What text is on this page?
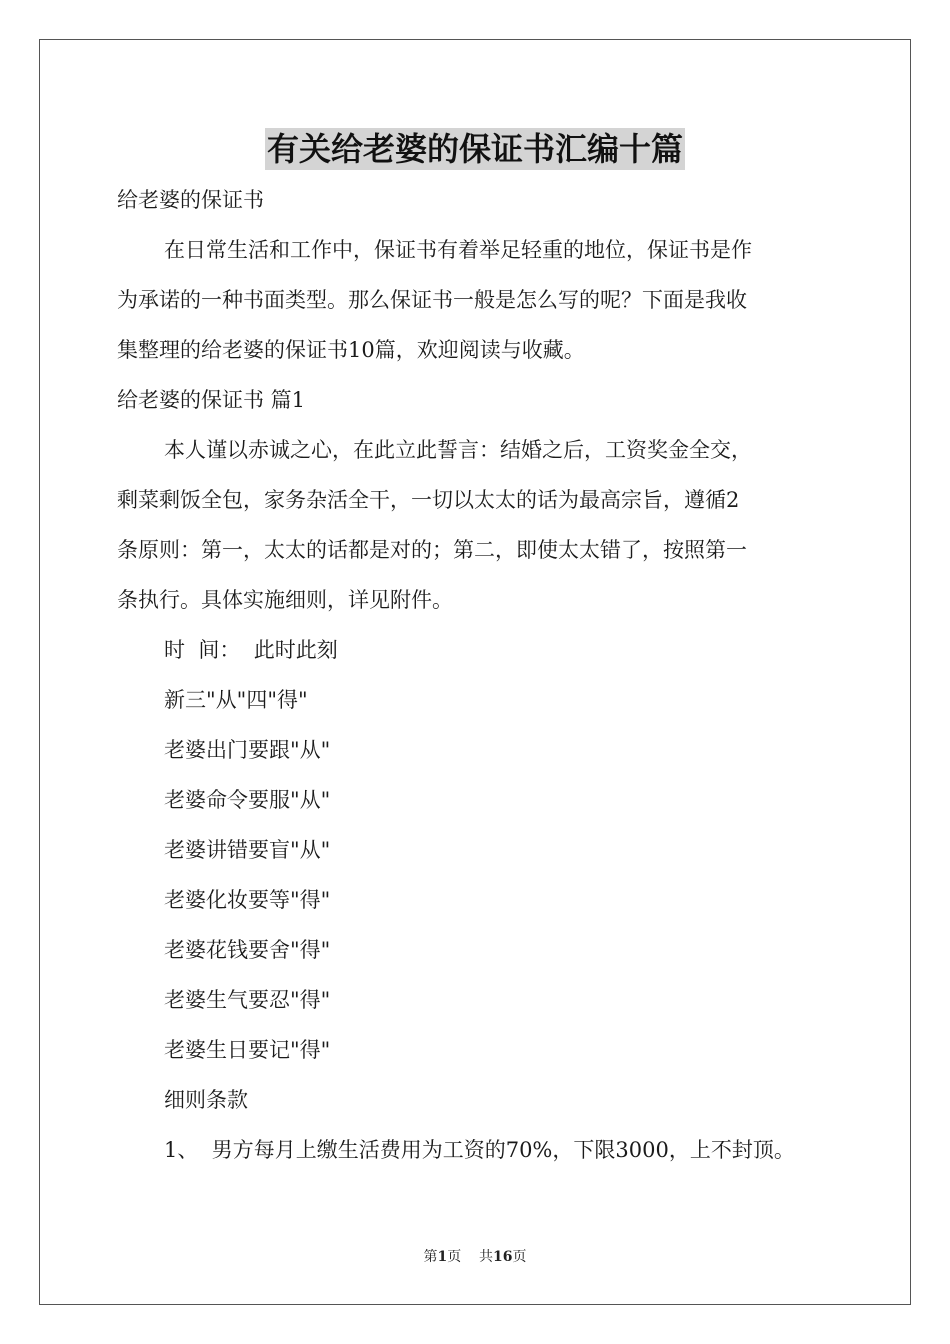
有关给老婆的保证书汇编十篇
给老婆的保证书
在日常生活和工作中，保证书有着举足轻重的地位，保证书是作
为承诺的一种书面类型。那么保证书一般是怎么写的呢？下面是我收
集整理的给老婆的保证书10篇，欢迎阅读与收藏。
给老婆的保证书 篇1
本人谨以赤诚之心，在此立此誓言：结婚之后，工资奖金全交，
剩菜剩饭全包，家务杂活全干，一切以太太的话为最高宗旨，遵循2
条原则：第一，太太的话都是对的；第二，即使太太错了，按照第一
条执行。具体实施细则，详见附件。
时  间：  此时此刻
新三"从"四"得"
老婆出门要跟"从"
老婆命令要服"从"
老婆讲错要盲"从"
老婆化妆要等"得"
老婆花钱要舍"得"
老婆生气要忍"得"
老婆生日要记"得"
细则条款
1、  男方每月上缴生活费用为工资的70%，下限3000，上不封顶。
第1页    共16页
